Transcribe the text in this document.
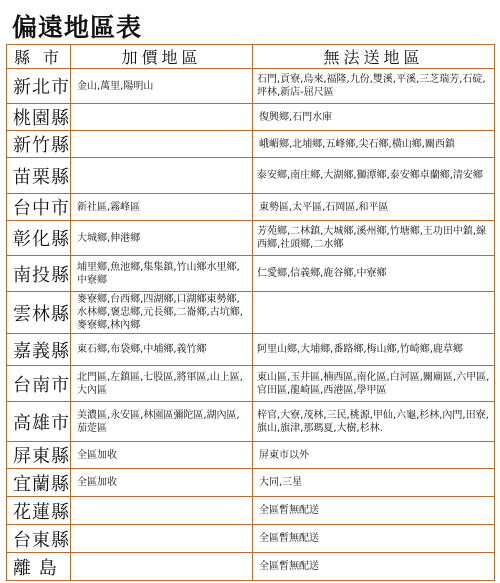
偏遠地區表
縣 市	加價地區	無法送地區
新北市	金山,萬里,陽明山	石門,貢寮,烏來,福隆,九份,雙溪,平溪,三芝瑞芳,石碇,坪林,新店-屈尺區
桃園縣		復興鄉,石門水庫
新竹縣		峨嵋鄉,北埔鄉,五峰鄉,尖石鄉,橫山鄉,關西鎮
苗栗縣		泰安鄉,南庄鄉,大湖鄉,獅潭鄉,泰安鄉卓蘭鄉,清安鄉
台中市	新社區,霧峰區	東勢區,太平區,石岡區,和平區
彰化縣	大城鄉,伸港鄉	芳苑鄉,二林鎮,大城鄉,溪州鄉,竹塘鄉,王功田中鎮,線西鄉,社頭鄉,二水鄉
南投縣	埔里鄉,魚池鄉,集集鎮,竹山鄉水里鄉,中寮鄉	仁愛鄉,信義鄉,鹿谷鄉,中寮鄉
雲林縣	麥寮鄉,台西鄉,四湖鄉,口湖鄉東勢鄉,水林鄉,褒忠鄉,元長鄉,二崙鄉,古坑鄉,麥寮鄉,林內鄉	
嘉義縣	東石鄉,布袋鄉,中埔鄉,義竹鄉	阿里山鄉,大埔鄉,番路鄉,梅山鄉,竹崎鄉,鹿草鄉
台南市	北門區,左鎮區,七股區,將軍區,山上區,大內區	東山區,玉井區,楠西區,南化區,白河區,關廟區,六甲區,官田區,龍崎區,西港區,學甲區
高雄市	美濃區,永安區,林園區彌陀區,湖內區,茄萣區	梓官,大寮,茂林,三民,桃源,甲仙,六龜,杉林,內門,田寮,旗山,旗津,那瑪夏,大樹,杉林.
屏東縣	全區加收	屏東市以外
宜蘭縣	全區加收	大同,三星
花蓮縣		全區暫無配送
台東縣		全區暫無配送
離 島		全區暫無配送
